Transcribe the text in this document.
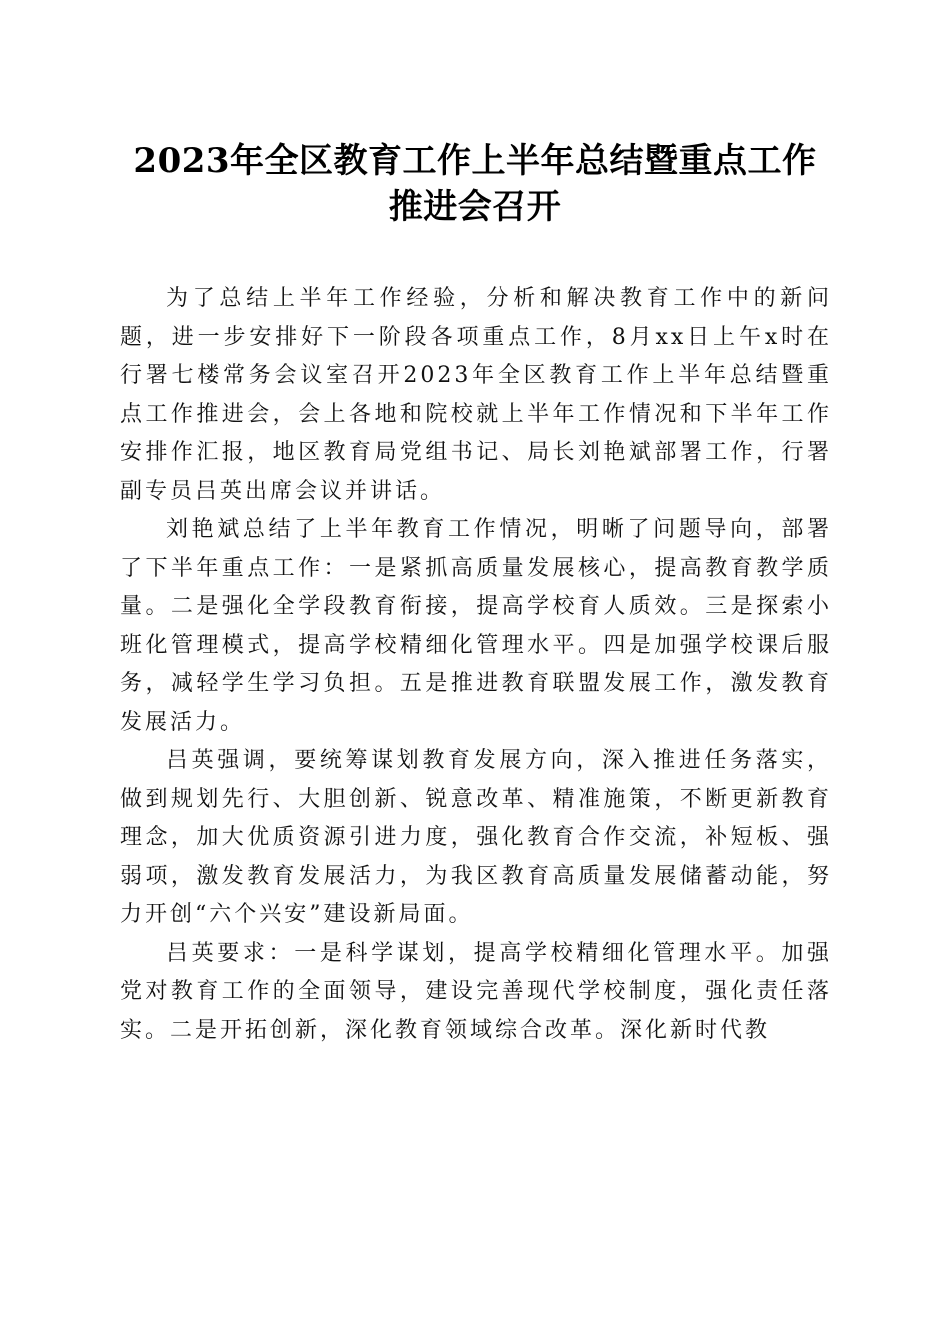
2023年全区教育工作上半年总结暨重点工作
推进会召开

为了总结上半年工作经验，分析和解决教育工作中的新问题，进一步安排好下一阶段各项重点工作，8月xx日上午x时在行署七楼常务会议室召开2023年全区教育工作上半年总结暨重点工作推进会，会上各地和院校就上半年工作情况和下半年工作安排作汇报，地区教育局党组书记、局长刘艳斌部署工作，行署副专员吕英出席会议并讲话。

刘艳斌总结了上半年教育工作情况，明晰了问题导向，部署了下半年重点工作：一是紧抓高质量发展核心，提高教育教学质量。二是强化全学段教育衔接，提高学校育人质效。三是探索小班化管理模式，提高学校精细化管理水平。四是加强学校课后服务，减轻学生学习负担。五是推进教育联盟发展工作，激发教育发展活力。

吕英强调，要统筹谋划教育发展方向，深入推进任务落实，做到规划先行、大胆创新、锐意改革、精准施策，不断更新教育理念，加大优质资源引进力度，强化教育合作交流，补短板、强弱项，激发教育发展活力，为我区教育高质量发展储蓄动能，努力开创“六个兴安”建设新局面。

吕英要求：一是科学谋划，提高学校精细化管理水平。加强党对教育工作的全面领导，建设完善现代学校制度，强化责任落实。二是开拓创新，深化教育领域综合改革。深化新时代教
